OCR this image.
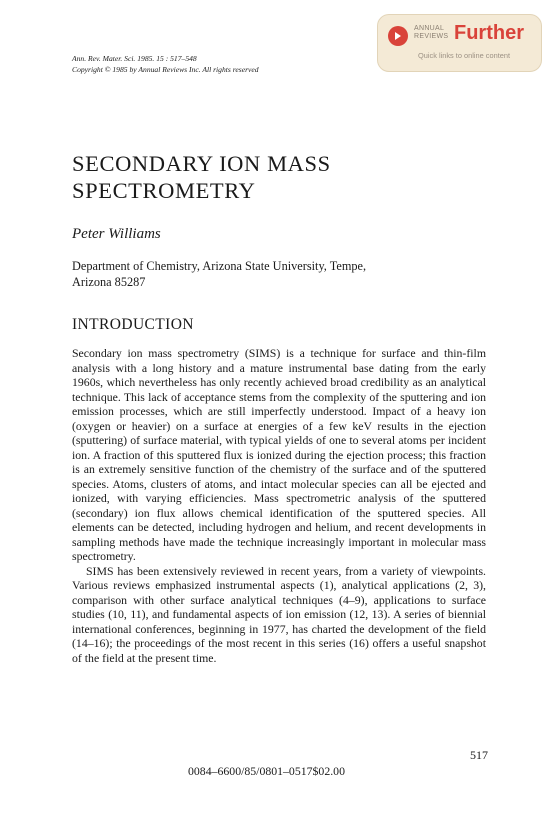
Ann. Rev. Mater. Sci. 1985. 15 : 517–548
Copyright © 1985 by Annual Reviews Inc. All rights reserved
ANNUAL
REVIEWS Further
Quick links to online content
SECONDARY ION MASS
SPECTROMETRY
Peter Williams
Department of Chemistry, Arizona State University, Tempe,
Arizona 85287
INTRODUCTION

Secondary ion mass spectrometry (SIMS) is a technique for surface and thin-film analysis with a long history and a mature instrumental base dating from the early 1960s, which nevertheless has only recently achieved broad credibility as an analytical technique. This lack of acceptance stems from the complexity of the sputtering and ion emission processes, which are still imperfectly understood. Impact of a heavy ion (oxygen or heavier) on a surface at energies of a few keV results in the ejection (sputtering) of surface material, with typical yields of one to several atoms per incident ion. A fraction of this sputtered flux is ionized during the ejection process; this fraction is an extremely sensitive function of the chemistry of the surface and of the sputtered species. Atoms, clusters of atoms, and intact molecular species can all be ejected and ionized, with varying efficiencies. Mass spectrometric analysis of the sputtered (secondary) ion flux allows chemical identification of the sputtered species. All elements can be detected, including hydrogen and helium, and recent developments in sampling methods have made the technique increasingly important in molecular mass spectrometry.

SIMS has been extensively reviewed in recent years, from a variety of viewpoints. Various reviews emphasized instrumental aspects (1), analytical applications (2, 3), comparison with other surface analytical techniques (4–9), applications to surface studies (10, 11), and fundamental aspects of ion emission (12, 13). A series of biennial international conferences, beginning in 1977, has charted the development of the field (14–16); the proceedings of the most recent in this series (16) offers a useful snapshot of the field at the present time.

517
0084–6600/85/0801–0517$02.00
